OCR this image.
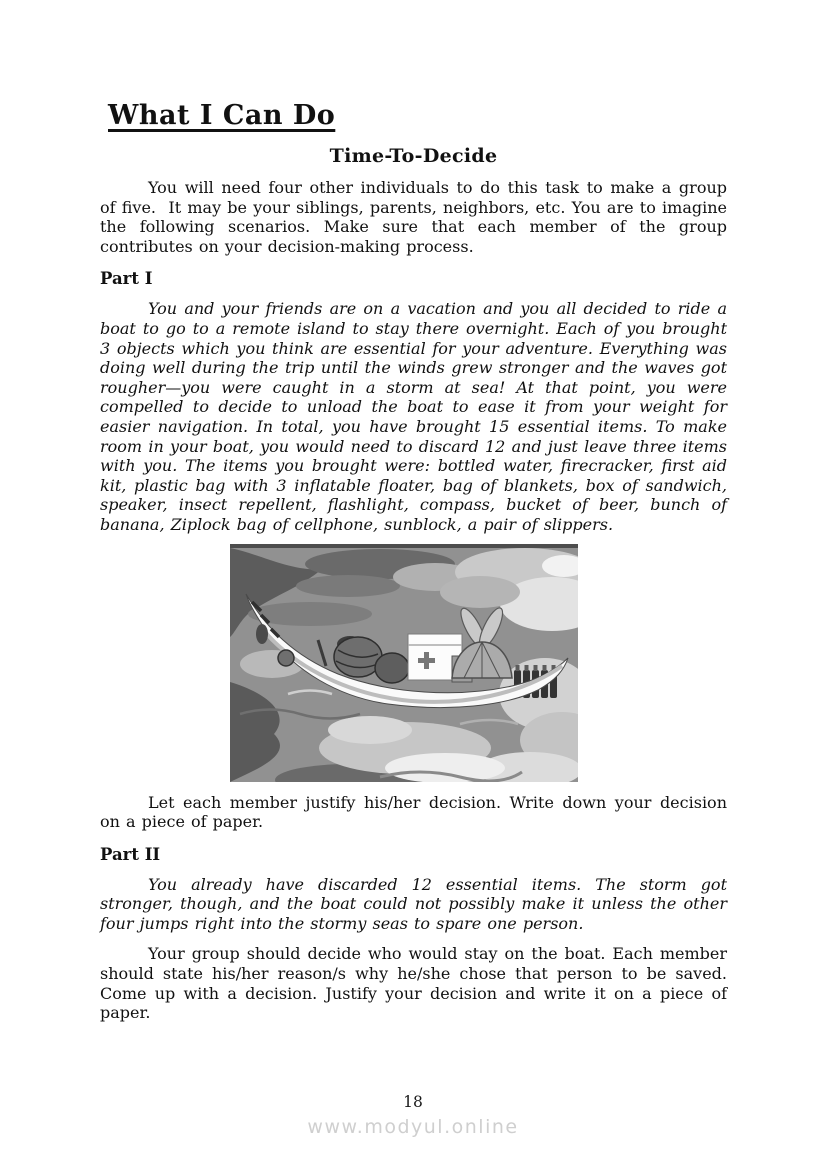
What I Can Do
Time-To-Decide

You will need four other individuals to do this task to make a group of five.  It may be your siblings, parents, neighbors, etc. You are to imagine the following scenarios. Make sure that each member of the group contributes on your decision-making process.

Part I

You and your friends are on a vacation and you all decided to ride a boat to go to a remote island to stay there overnight. Each of you brought 3 objects which you think are essential for your adventure. Everything was doing well during the trip until the winds grew stronger and the waves got rougher—you were caught in a storm at sea! At that point, you were compelled to decide to unload the boat to ease it from your weight for easier navigation. In total, you have brought 15 essential items. To make room in your boat, you would need to discard 12 and just leave three items with you. The items you brought were: bottled water, firecracker, first aid kit, plastic bag with 3 inflatable floater, bag of blankets, box of sandwich, speaker, insect repellent, flashlight, compass, bucket of beer, bunch of banana, Ziplock bag of cellphone, sunblock, a pair of slippers.

Let each member justify his/her decision. Write down your decision on a piece of paper.

Part II

You already have discarded 12 essential items. The storm got stronger, though, and the boat could not possibly make it unless the other four jumps right into the stormy seas to spare one person.

Your group should decide who would stay on the boat. Each member should state his/her reason/s why he/she chose that person to be saved. Come up with a decision. Justify your decision and write it on a piece of paper.

18
www.modyul.online
